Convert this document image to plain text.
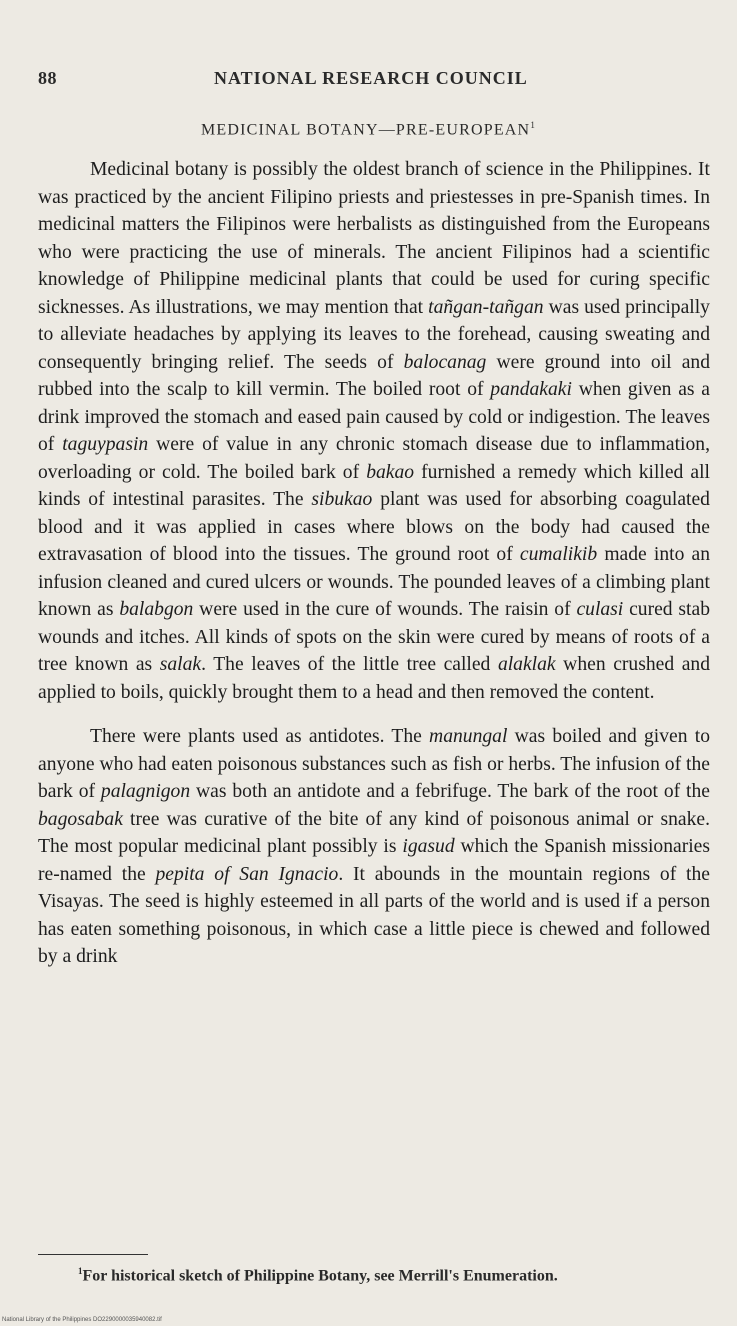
88	NATIONAL RESEARCH COUNCIL
MEDICINAL BOTANY—PRE-EUROPEAN$^1$

Medicinal botany is possibly the oldest branch of science in the Philippines. It was practiced by the ancient Filipino priests and priestesses in pre-Spanish times. In medicinal matters the Filipinos were herbalists as distinguished from the Europeans who were practicing the use of minerals. The ancient Filipinos had a scientific knowledge of Philippine medicinal plants that could be used for curing specific sicknesses. As illustrations, we may mention that tañgan-tañgan was used principally to alleviate headaches by applying its leaves to the forehead, causing sweating and consequently bringing relief. The seeds of balocanag were ground into oil and rubbed into the scalp to kill vermin. The boiled root of pandakaki when given as a drink improved the stomach and eased pain caused by cold or indigestion. The leaves of taguypasin were of value in any chronic stomach disease due to inflammation, overloading or cold. The boiled bark of bakao furnished a remedy which killed all kinds of intestinal parasites. The sibukao plant was used for absorbing coagulated blood and it was applied in cases where blows on the body had caused the extravasation of blood into the tissues. The ground root of cumalikib made into an infusion cleaned and cured ulcers or wounds. The pounded leaves of a climbing plant known as balabgon were used in the cure of wounds. The raisin of culasi cured stab wounds and itches. All kinds of spots on the skin were cured by means of roots of a tree known as salak. The leaves of the little tree called alaklak when crushed and applied to boils, quickly brought them to a head and then removed the content.

There were plants used as antidotes. The manungal was boiled and given to anyone who had eaten poisonous substances such as fish or herbs. The infusion of the bark of palagnigon was both an antidote and a febrifuge. The bark of the root of the bagosabak tree was curative of the bite of any kind of poisonous animal or snake. The most popular medicinal plant possibly is igasud which the Spanish missionaries re-named the pepita of San Ignacio. It abounds in the mountain regions of the Visayas. The seed is highly esteemed in all parts of the world and is used if a person has eaten something poisonous, in which case a little piece is chewed and followed by a drink

$^1$For historical sketch of Philippine Botany, see Merrill's Enumeration.
National Library of the Philippines DO2290000035940082.tif
